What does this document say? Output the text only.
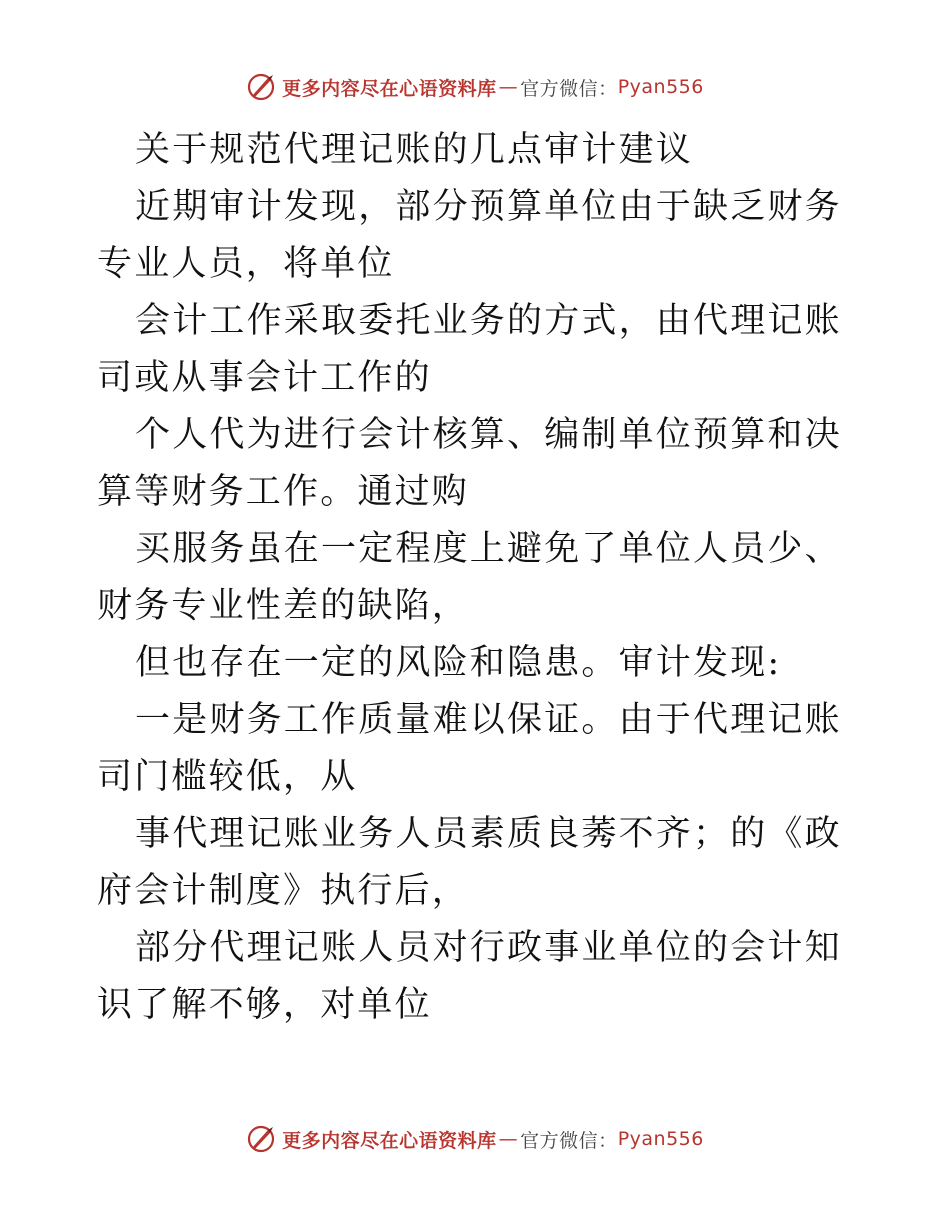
更多内容尽在心语资料库 — 官方微信： Pyan556

关于规范代理记账的几点审计建议

近期审计发现，部分预算单位由于缺乏财务专业人员，将单位

会计工作采取委托业务的方式，由代理记账司或从事会计工作的

个人代为进行会计核算、编制单位预算和决算等财务工作。通过购

买服务虽在一定程度上避免了单位人员少、财务专业性差的缺陷，

但也存在一定的风险和隐患。审计发现:

一是财务工作质量难以保证。由于代理记账司门槛较低，从

事代理记账业务人员素质良莠不齐；的《政府会计制度》执行后，

部分代理记账人员对行政事业单位的会计知识了解不够，对单位

更多内容尽在心语资料库 — 官方微信： Pyan556
